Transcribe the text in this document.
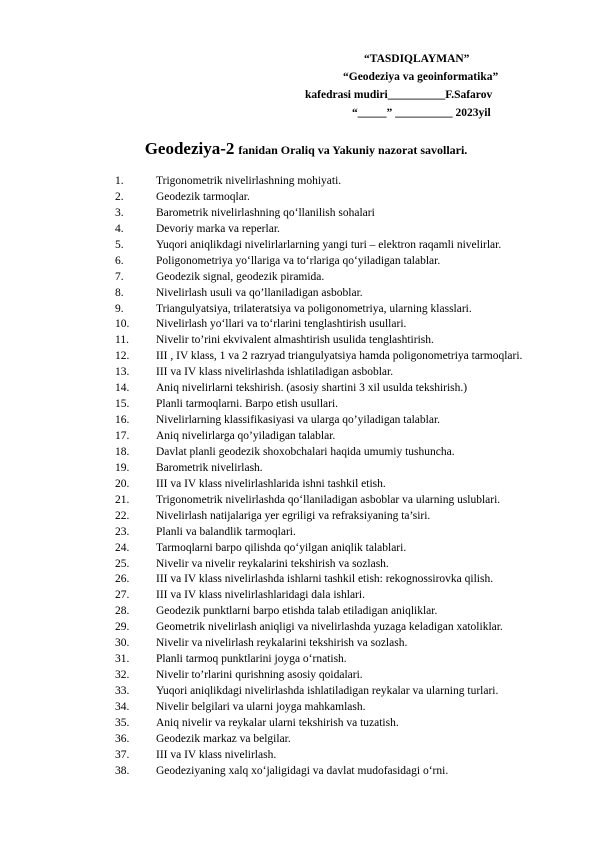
“TASDIQLAYMAN”
“Geodeziya va geoinformatika”
kafedrasi mudiri__________F.Safarov
“_____” __________ 2023yil
Geodeziya-2 fanidan Oraliq va Yakuniy nazorat savollari.
1.	Trigonometrik nivelirlashning mohiyati.
2.	Geodezik tarmoqlar.
3.	Barometrik nivelirlashning qo‘llanilish sohalari
4.	Devoriy marka va reperlar.
5.	Yuqori aniqlikdagi nivelirlarlarning yangi turi – elektron raqamli nivelirlar.
6.	Poligonometriya yo‘llariga va to‘rlariga qo‘yiladigan talablar.
7.	Geodezik signal, geodezik piramida.
8.	Nivelirlash usuli va qo’llaniladigan asboblar.
9.	Triangulyatsiya, trilateratsiya va poligonometriya, ularning klasslari.
10. Nivelirlash yo‘llari va to‘rlarini tenglashtirish usullari.
11. Nivelir to’rini ekvivalent almashtirish usulida tenglashtirish.
12. III , IV klass, 1 va 2 razryad triangulyatsiya hamda poligonometriya tarmoqlari.
13. III va IV klass nivelirlashda ishlatiladigan asboblar.
14. Aniq nivelirlarni tekshirish. (asosiy shartini 3 xil usulda tekshirish.)
15. Planli tarmoqlarni. Barpo etish usullari.
16. Nivelirlarning klassifikasiyasi va ularga qo’yiladigan talablar.
17. Aniq nivelirlarga qo’yiladigan talablar.
18. Davlat planli geodezik shoxobchalari haqida umumiy tushuncha.
19. Barometrik nivelirlash.
20. III va IV klass nivelirlashlarida ishni tashkil etish.
21. Trigonometrik nivelirlashda qo‘llaniladigan asboblar va ularning uslublari.
22. Nivelirlash natijalariga yer egriligi va refraksiyaning ta’siri.
23. Planli va balandlik tarmoqlari.
24. Tarmoqlarni barpo qilishda qo‘yilgan aniqlik talablari.
25. Nivelir va nivelir reykalarini tekshirish va sozlash.
26. III va IV klass nivelirlashda ishlarni tashkil etish: rekognossirovka qilish.
27. III va IV klass nivelirlashlaridagi dala ishlari.
28. Geodezik punktlarni barpo etishda talab etiladigan aniqliklar.
29. Geometrik nivelirlash aniqligi va nivelirlashda yuzaga keladigan xatoliklar.
30. Nivelir va nivelirlash reykalarini tekshirish va sozlash.
31. Planli tarmoq punktlarini joyga o‘rnatish.
32. Nivelir to’rlarini qurishning asosiy qoidalari.
33. Yuqori aniqlikdagi nivelirlashda ishlatiladigan reykalar va ularning turlari.
34. Nivelir belgilari va ularni joyga mahkamlash.
35. Aniq nivelir va reykalar ularni tekshirish va tuzatish.
36. Geodezik markaz va belgilar.
37. III va IV klass nivelirlash.
38. Geodeziyaning xalq xo‘jaligidagi va davlat mudofasidagi o‘rni.
